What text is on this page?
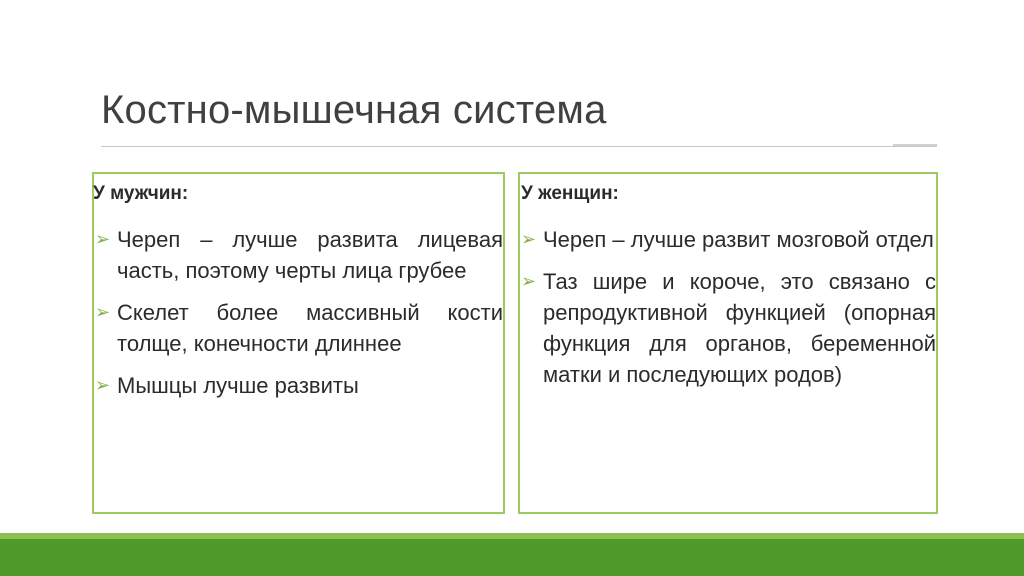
Костно-мышечная система
У мужчин:
➢ Череп – лучше развита лицевая часть, поэтому черты лица грубее
➢ Скелет более массивный кости толще, конечности длиннее
➢ Мышцы лучше развиты
У женщин:
➢ Череп – лучше развит мозговой отдел
➢ Таз шире и короче, это связано с репродуктивной функцией (опорная функция для органов, беременной матки и последующих родов)
